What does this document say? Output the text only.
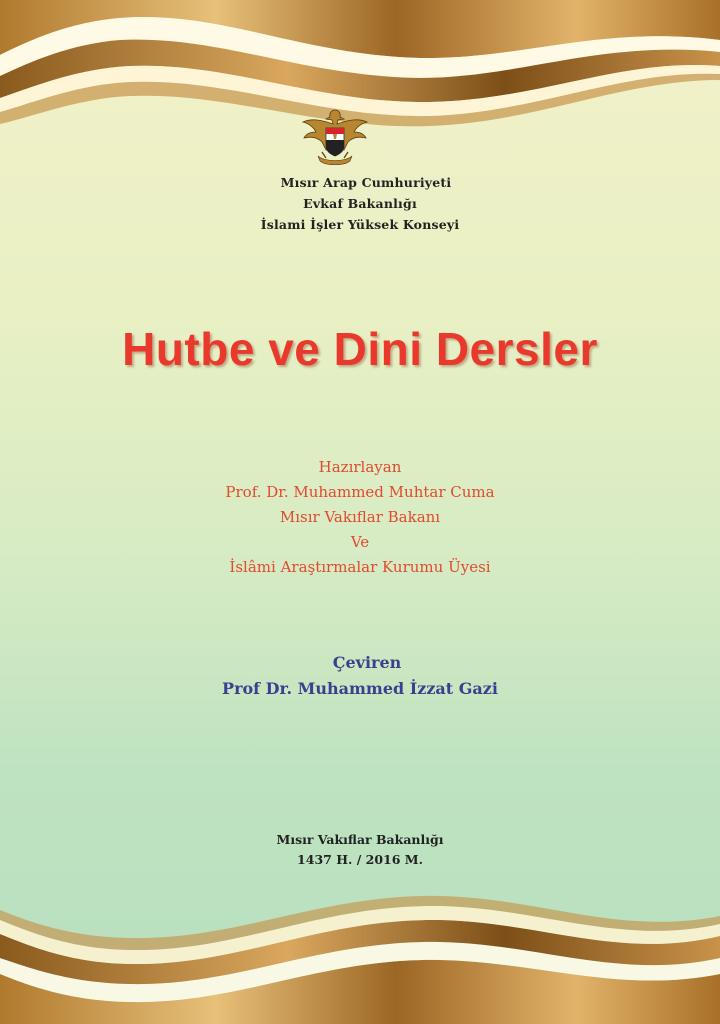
Mısır Arap Cumhuriyeti
Evkaf Bakanlığı
İslami İşler Yüksek Konseyi
Hutbe ve Dini Dersler
Hazırlayan
Prof. Dr. Muhammed Muhtar Cuma
Mısır Vakıflar Bakanı
Ve
İslâmi Araştırmalar Kurumu Üyesi
Çeviren
Prof Dr. Muhammed İzzat Gazi
Mısır Vakıflar Bakanlığı
1437 H. / 2016 M.
